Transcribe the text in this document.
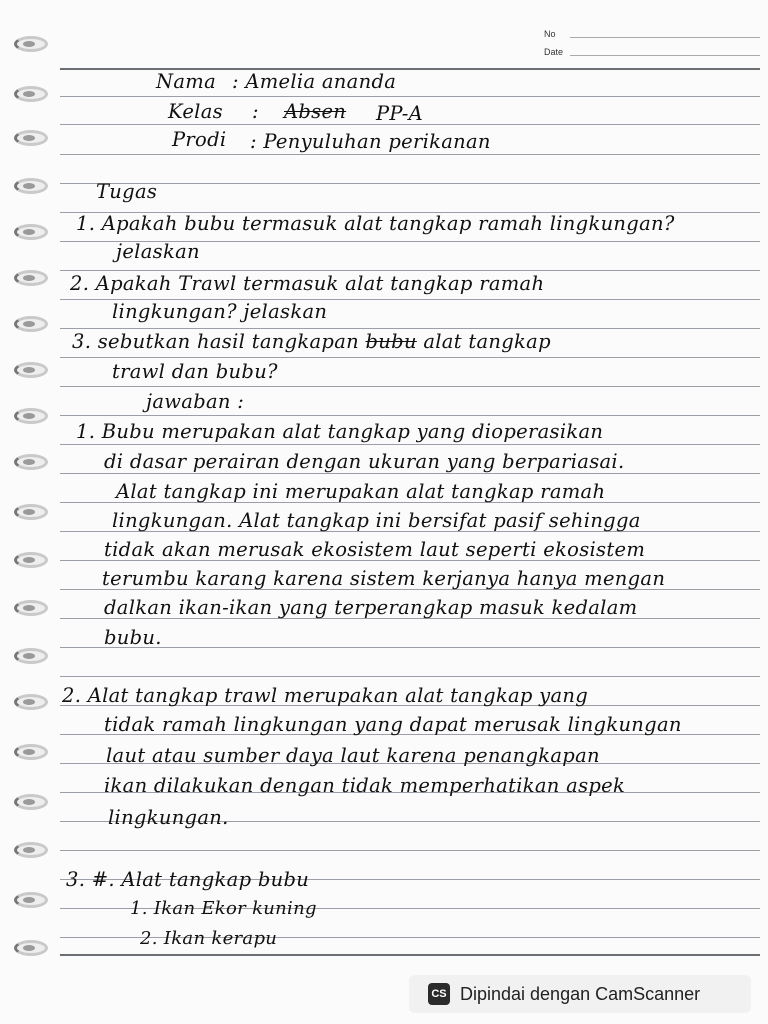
No
Date
Nama : Amelia ananda
Kelas : Absen PP-A
Prodi : Penyuluhan perikanan
Tugas
1. Apakah bubu termasuk alat tangkap ramah lingkungan?
jelaskan
2. Apakah Trawl termasuk alat tangkap ramah
lingkungan? jelaskan
3. sebutkan hasil tangkapan bubu alat tangkap
trawl dan bubu?
jawaban :
1. Bubu merupakan alat tangkap yang dioperasikan
di dasar perairan dengan ukuran yang berpariasai.
Alat tangkap ini merupakan alat tangkap ramah
lingkungan. Alat tangkap ini bersifat pasif sehingga
tidak akan merusak ekosistem laut seperti ekosistem
terumbu karang karena sistem kerjanya hanya mengan
dalkan ikan-ikan yang terperangkap masuk kedalam
bubu.
2. Alat tangkap trawl merupakan alat tangkap yang
tidak ramah lingkungan yang dapat merusak lingkungan
laut atau sumber daya laut karena penangkapan
ikan dilakukan dengan tidak memperhatikan aspek
lingkungan.
3. #. Alat tangkap bubu
1. Ikan Ekor kuning
2. Ikan kerapu
CS Dipindai dengan CamScanner
